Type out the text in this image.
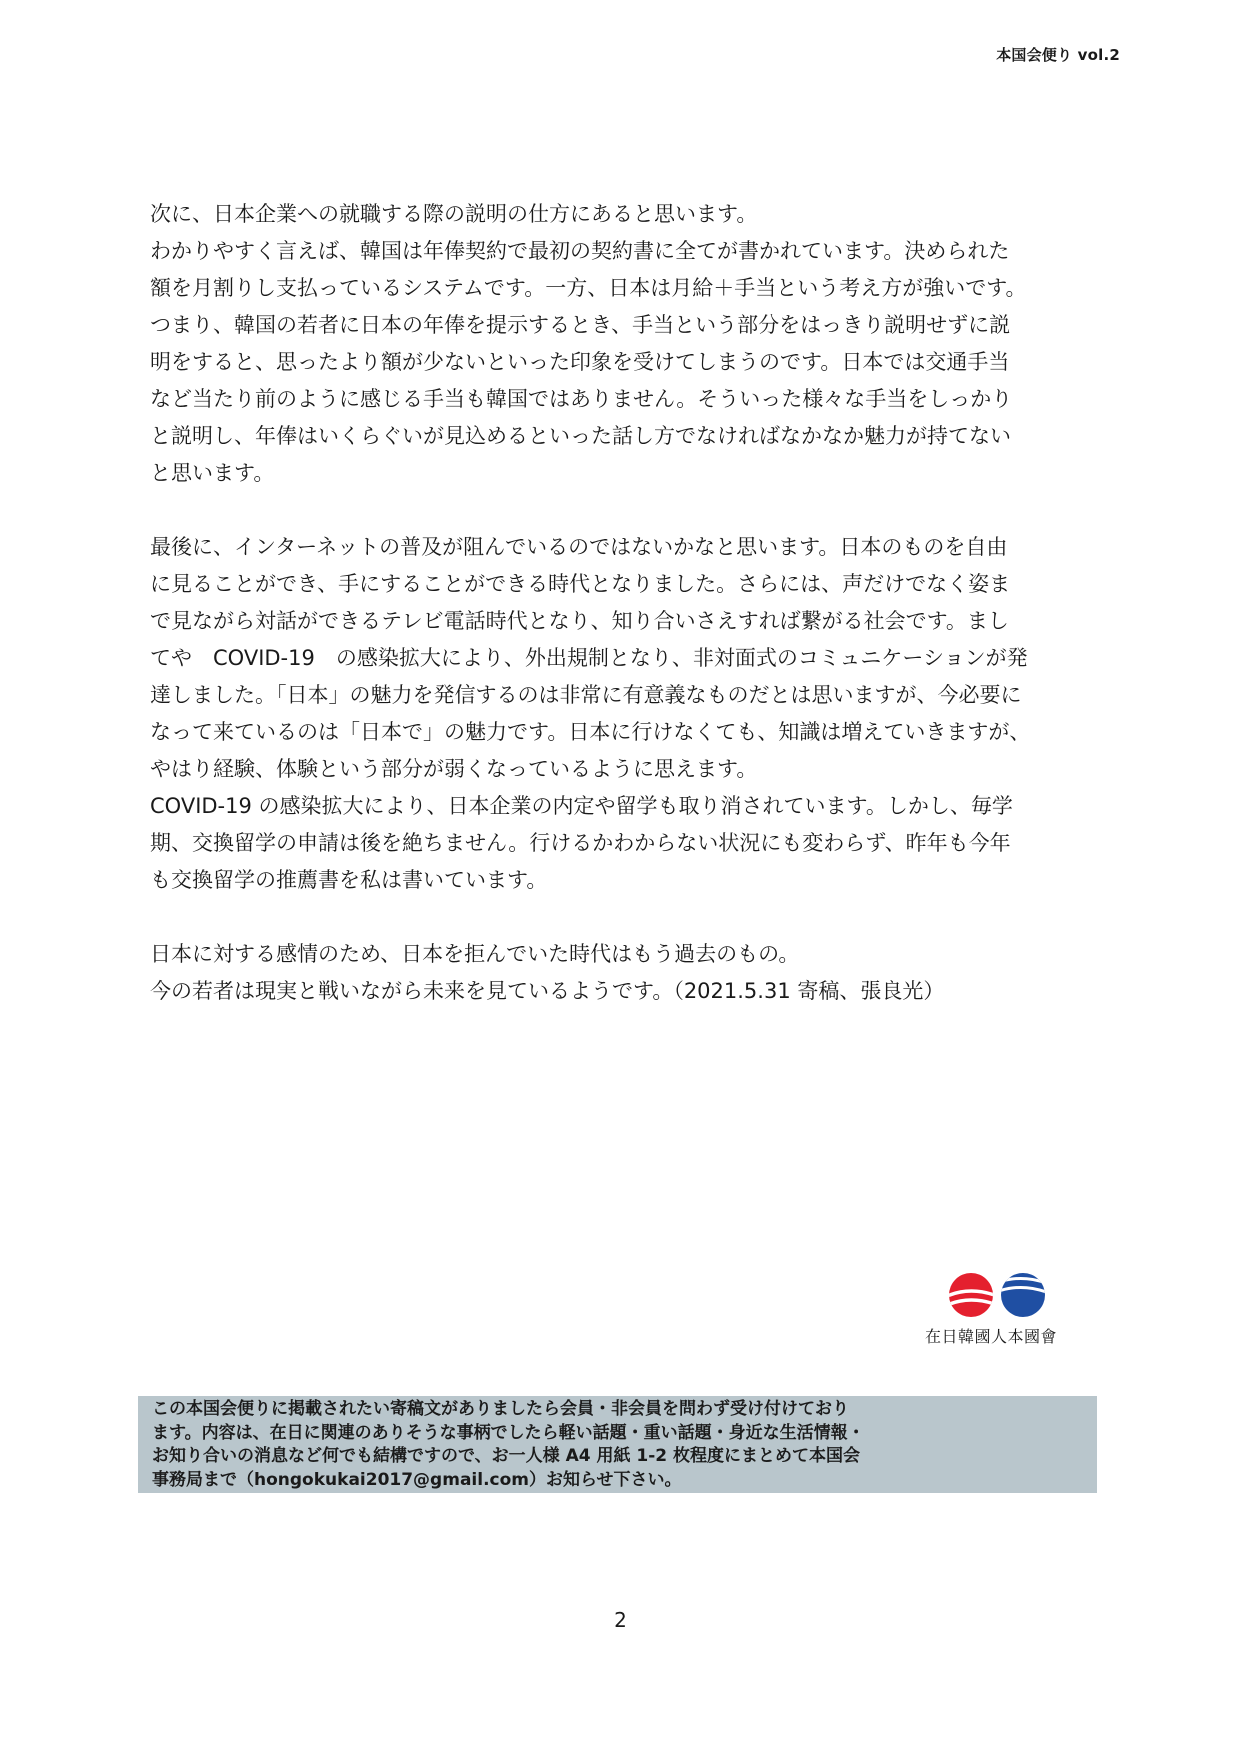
本国会便り vol.2
次に、日本企業への就職する際の説明の仕方にあると思います。
わかりやすく言えば、韓国は年俸契約で最初の契約書に全てが書かれています。決められた
額を月割りし支払っているシステムです。一方、日本は月給＋手当という考え方が強いです。
つまり、韓国の若者に日本の年俸を提示するとき、手当という部分をはっきり説明せずに説
明をすると、思ったより額が少ないといった印象を受けてしまうのです。日本では交通手当
など当たり前のように感じる手当も韓国ではありません。そういった様々な手当をしっかり
と説明し、年俸はいくらぐいが見込めるといった話し方でなければなかなか魅力が持てない
と思います。
最後に、インターネットの普及が阻んでいるのではないかなと思います。日本のものを自由
に見ることができ、手にすることができる時代となりました。さらには、声だけでなく姿ま
で見ながら対話ができるテレビ電話時代となり、知り合いさえすれば繋がる社会です。まし
てや　COVID-19　の感染拡大により、外出規制となり、非対面式のコミュニケーションが発
達しました。「日本」の魅力を発信するのは非常に有意義なものだとは思いますが、今必要に
なって来ているのは「日本で」の魅力です。日本に行けなくても、知識は増えていきますが、
やはり経験、体験という部分が弱くなっているように思えます。
COVID-19 の感染拡大により、日本企業の内定や留学も取り消されています。しかし、毎学
期、交換留学の申請は後を絶ちません。行けるかわからない状況にも変わらず、昨年も今年
も交換留学の推薦書を私は書いています。
日本に対する感情のため、日本を拒んでいた時代はもう過去のもの。
今の若者は現実と戦いながら未来を見ているようです。（2021.5.31 寄稿、張良光）
在日韓國人本國會
この本国会便りに掲載されたい寄稿文がありましたら会員・非会員を問わず受け付けており
ます。内容は、在日に関連のありそうな事柄でしたら軽い話題・重い話題・身近な生活情報・
お知り合いの消息など何でも結構ですので、お一人様 A4 用紙 1-2 枚程度にまとめて本国会
事務局まで（hongokukai2017@gmail.com）お知らせ下さい。
2
